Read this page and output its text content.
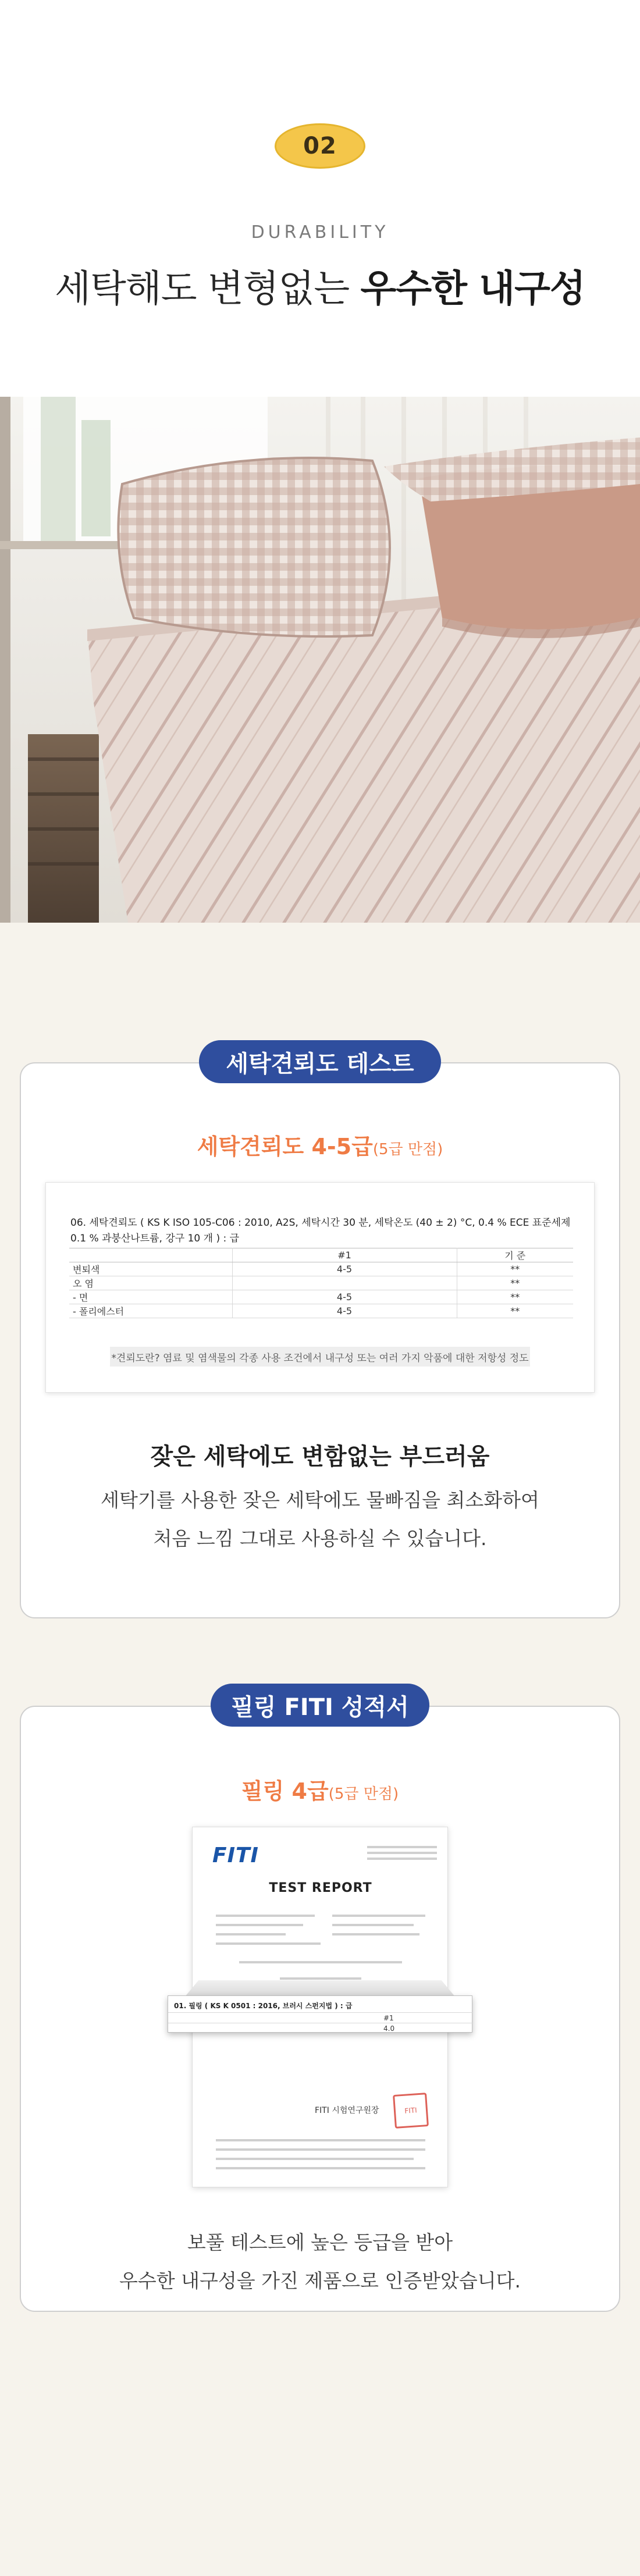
02
DURABILITY
세탁해도 변형없는 우수한 내구성
세탁견뢰도 테스트
세탁견뢰도 4-5급(5급 만점)
06. 세탁견뢰도 ( KS K ISO 105-C06 : 2010, A2S, 세탁시간 30 분, 세탁온도 (40 ± 2) °C, 0.4 % ECE 표준세제 0.1 % 과붕산나트륨, 강구 10 개 ) : 급
	#1	기 준
변퇴색	4-5	**
오 염		**
- 면	4-5	**
- 폴리에스터	4-5	**
*견뢰도란? 염료 및 염색물의 각종 사용 조건에서 내구성 또는 여러 가지 악품에 대한 저항성 정도
잦은 세탁에도 변함없는 부드러움
세탁기를 사용한 잦은 세탁에도 물빠짐을 최소화하여
처음 느낌 그대로 사용하실 수 있습니다.
필링 FITI 성적서
필링 4급(5급 만점)
FITI
TEST REPORT
FITI 시험연구원장	FITI
01. 필링 ( KS K 0501 : 2016, 브러시 스펀지법 ) : 급
#1
4.0
보풀 테스트에 높은 등급을 받아
우수한 내구성을 가진 제품으로 인증받았습니다.
